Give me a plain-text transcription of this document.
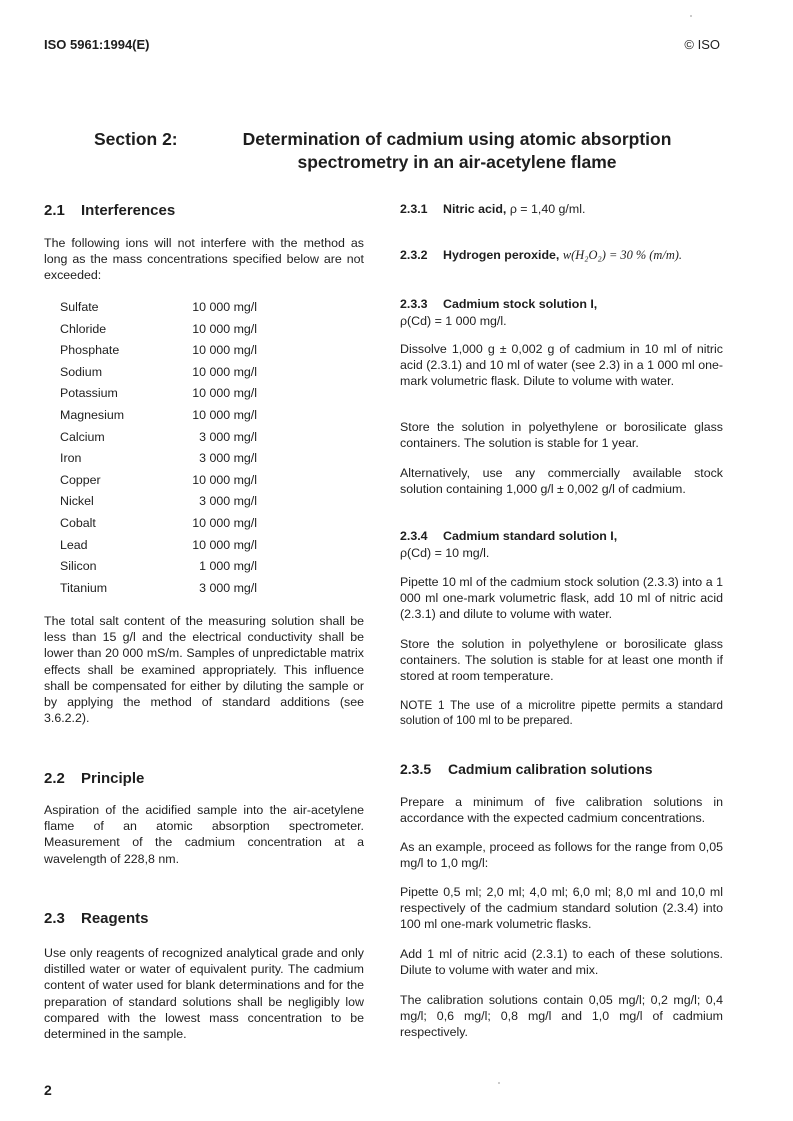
ISO 5961:1994(E)	© ISO
Section 2:	Determination of cadmium using atomic absorption spectrometry in an air-acetylene flame
2.1 Interferences
The following ions will not interfere with the method as long as the mass concentrations specified below are not exceeded:
Sulfate	10 000 mg/l
Chloride	10 000 mg/l
Phosphate	10 000 mg/l
Sodium	10 000 mg/l
Potassium	10 000 mg/l
Magnesium	10 000 mg/l
Calcium	3 000 mg/l
Iron	3 000 mg/l
Copper	10 000 mg/l
Nickel	3 000 mg/l
Cobalt	10 000 mg/l
Lead	10 000 mg/l
Silicon	1 000 mg/l
Titanium	3 000 mg/l
The total salt content of the measuring solution shall be less than 15 g/l and the electrical conductivity shall be lower than 20 000 mS/m. Samples of unpredictable matrix effects shall be examined appropriately. This influence shall be compensated for either by diluting the sample or by applying the method of standard additions (see 3.6.2.2).
2.2 Principle
Aspiration of the acidified sample into the air-acetylene flame of an atomic absorption spectrometer. Measurement of the cadmium concentration at a wavelength of 228,8 nm.
2.3 Reagents
Use only reagents of recognized analytical grade and only distilled water or water of equivalent purity. The cadmium content of water used for blank determinations and for the preparation of standard solutions shall be negligibly low compared with the lowest mass concentration to be determined in the sample.
2
2.3.1 Nitric acid, ρ = 1,40 g/ml.
2.3.2 Hydrogen peroxide, w(H₂O₂) = 30 % (m/m).
2.3.3 Cadmium stock solution I,
ρ(Cd) = 1 000 mg/l.
Dissolve 1,000 g ± 0,002 g of cadmium in 10 ml of nitric acid (2.3.1) and 10 ml of water (see 2.3) in a 1 000 ml one-mark volumetric flask. Dilute to volume with water.
Store the solution in polyethylene or borosilicate glass containers. The solution is stable for 1 year.
Alternatively, use any commercially available stock solution containing 1,000 g/l ± 0,002 g/l of cadmium.
2.3.4 Cadmium standard solution I,
ρ(Cd) = 10 mg/l.
Pipette 10 ml of the cadmium stock solution (2.3.3) into a 1 000 ml one-mark volumetric flask, add 10 ml of nitric acid (2.3.1) and dilute to volume with water.
Store the solution in polyethylene or borosilicate glass containers. The solution is stable for at least one month if stored at room temperature.
NOTE 1 The use of a microlitre pipette permits a standard solution of 100 ml to be prepared.
2.3.5 Cadmium calibration solutions
Prepare a minimum of five calibration solutions in accordance with the expected cadmium concentrations.
As an example, proceed as follows for the range from 0,05 mg/l to 1,0 mg/l:
Pipette 0,5 ml; 2,0 ml; 4,0 ml; 6,0 ml; 8,0 ml and 10,0 ml respectively of the cadmium standard solution (2.3.4) into 100 ml one-mark volumetric flasks.
Add 1 ml of nitric acid (2.3.1) to each of these solutions. Dilute to volume with water and mix.
The calibration solutions contain 0,05 mg/l; 0,2 mg/l; 0,4 mg/l; 0,6 mg/l; 0,8 mg/l and 1,0 mg/l of cadmium respectively.
